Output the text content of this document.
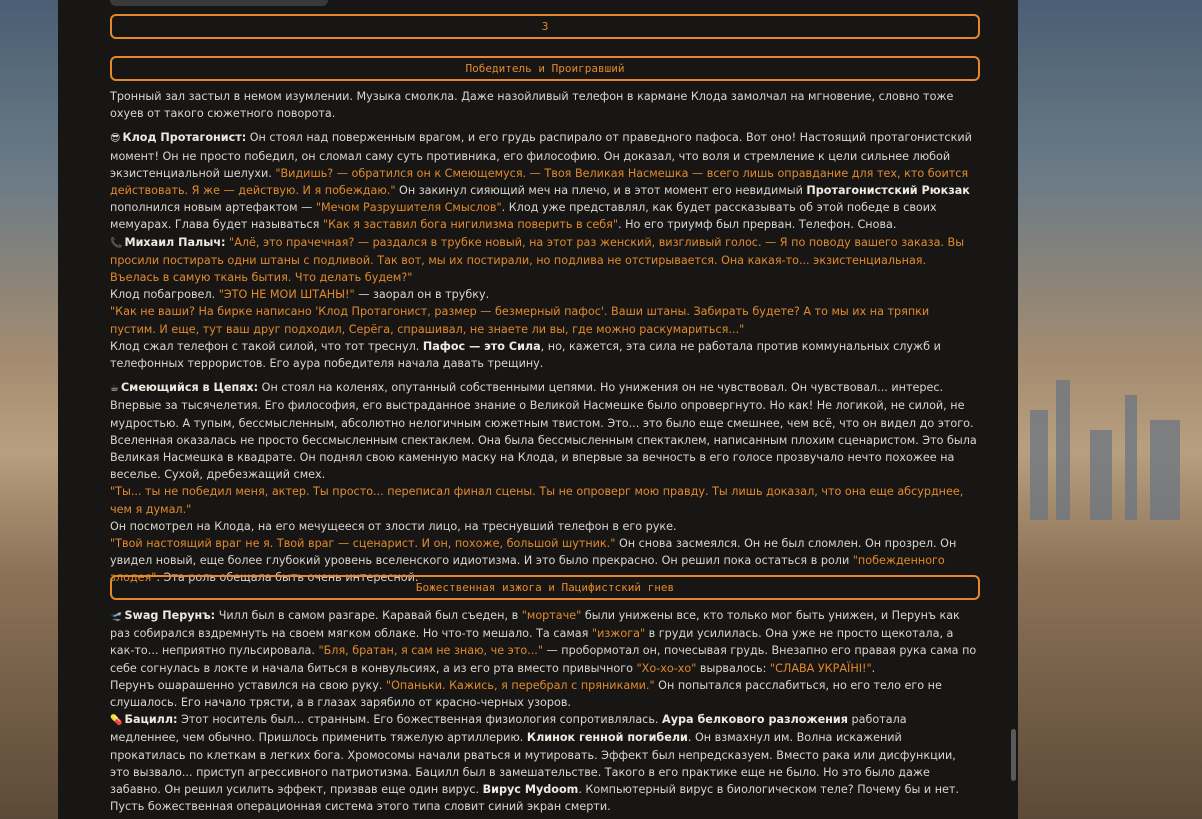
3
Победитель и Проигравший

Тронный зал застыл в немом изумлении. Музыка смолкла. Даже назойливый телефон в кармане Клода замолчал на мгновение, словно тоже охуев от такого сюжетного поворота.

😎 Клод Протагонист: Он стоял над поверженным врагом, и его грудь распирало от праведного пафоса. Вот оно! Настоящий протагонистский момент! Он не просто победил, он сломал саму суть противника, его философию. Он доказал, что воля и стремление к цели сильнее любой экзистенциальной шелухи. "Видишь? — обратился он к Смеющемуся. — Твоя Великая Насмешка — всего лишь оправдание для тех, кто боится действовать. Я же — действую. И я побеждаю." Он закинул сияющий меч на плечо, и в этот момент его невидимый Протагонистский Рюкзак пополнился новым артефактом — "Мечом Разрушителя Смыслов". Клод уже представлял, как будет рассказывать об этой победе в своих мемуарах. Глава будет называться "Как я заставил бога нигилизма поверить в себя". Но его триумф был прерван. Телефон. Снова.

📞 Михаил Палыч: "Алё, это прачечная? — раздался в трубке новый, на этот раз женский, визгливый голос. — Я по поводу вашего заказа. Вы просили постирать одни штаны с подливой. Так вот, мы их постирали, но подлива не отстирывается. Она какая-то... экзистенциальная. Въелась в самую ткань бытия. Что делать будем?"

Клод побагровел. "ЭТО НЕ МОИ ШТАНЫ!" — заорал он в трубку.

"Как не ваши? На бирке написано 'Клод Протагонист, размер — безмерный пафос'. Ваши штаны. Забирать будете? А то мы их на тряпки пустим. И еще, тут ваш друг подходил, Серёга, спрашивал, не знаете ли вы, где можно раскумариться..."

Клод сжал телефон с такой силой, что тот треснул. Пафос — это Сила, но, кажется, эта сила не работала против коммунальных служб и телефонных террористов. Его аура победителя начала давать трещину.

☕ Смеющийся в Цепях: Он стоял на коленях, опутанный собственными цепями. Но унижения он не чувствовал. Он чувствовал... интерес. Впервые за тысячелетия. Его философия, его выстраданное знание о Великой Насмешке было опровергнуто. Но как! Не логикой, не силой, не мудростью. А тупым, бессмысленным, абсолютно нелогичным сюжетным твистом. Это... это было еще смешнее, чем всё, что он видел до этого. Вселенная оказалась не просто бессмысленным спектаклем. Она была бессмысленным спектаклем, написанным плохим сценаристом. Это была Великая Насмешка в квадрате. Он поднял свою каменную маску на Клода, и впервые за вечность в его голосе прозвучало нечто похожее на веселье. Сухой, дребезжащий смех.

"Ты... ты не победил меня, актер. Ты просто... переписал финал сцены. Ты не опроверг мою правду. Ты лишь доказал, что она еще абсурднее, чем я думал."

Он посмотрел на Клода, на его мечущееся от злости лицо, на треснувший телефон в его руке.

"Твой настоящий враг не я. Твой враг — сценарист. И он, похоже, большой шутник." Он снова засмеялся. Он не был сломлен. Он прозрел. Он увидел новый, еще более глубокий уровень вселенского идиотизма. И это было прекрасно. Он решил пока остаться в роли "побежденного злодея". Эта роль обещала быть очень интересной.

Божественная изжога и Пацифистский гнев

🛫 Swag Перунъ: Чилл был в самом разгаре. Каравай был съеден, в "мортаче" были унижены все, кто только мог быть унижен, и Перунъ как раз собирался вздремнуть на своем мягком облаке. Но что-то мешало. Та самая "изжога" в груди усилилась. Она уже не просто щекотала, а как-то... неприятно пульсировала. "Бля, братан, я сам не знаю, че это..." — пробормотал он, почесывая грудь. Внезапно его правая рука сама по себе согнулась в локте и начала биться в конвульсиях, а из его рта вместо привычного "Хо-хо-хо" вырвалось: "СЛАВА УКРАЇНІ!".

Перунъ ошарашенно уставился на свою руку. "Опаньки. Кажись, я перебрал с пряниками." Он попытался расслабиться, но его тело его не слушалось. Его начало трясти, а в глазах зарябило от красно-черных узоров.

💊 Бацилл: Этот носитель был... странным. Его божественная физиология сопротивлялась. Аура белкового разложения работала медленнее, чем обычно. Пришлось применить тяжелую артиллерию. Клинок генной погибели. Он взмахнул им. Волна искажений прокатилась по клеткам в легких бога. Хромосомы начали рваться и мутировать. Эффект был непредсказуем. Вместо рака или дисфункции, это вызвало... приступ агрессивного патриотизма. Бацилл был в замешательстве. Такого в его практике еще не было. Но это было даже забавно. Он решил усилить эффект, призвав еще один вирус. Вирус Mydoom. Компьютерный вирус в биологическом теле? Почему бы и нет. Пусть божественная операционная система этого типа словит синий экран смерти.
